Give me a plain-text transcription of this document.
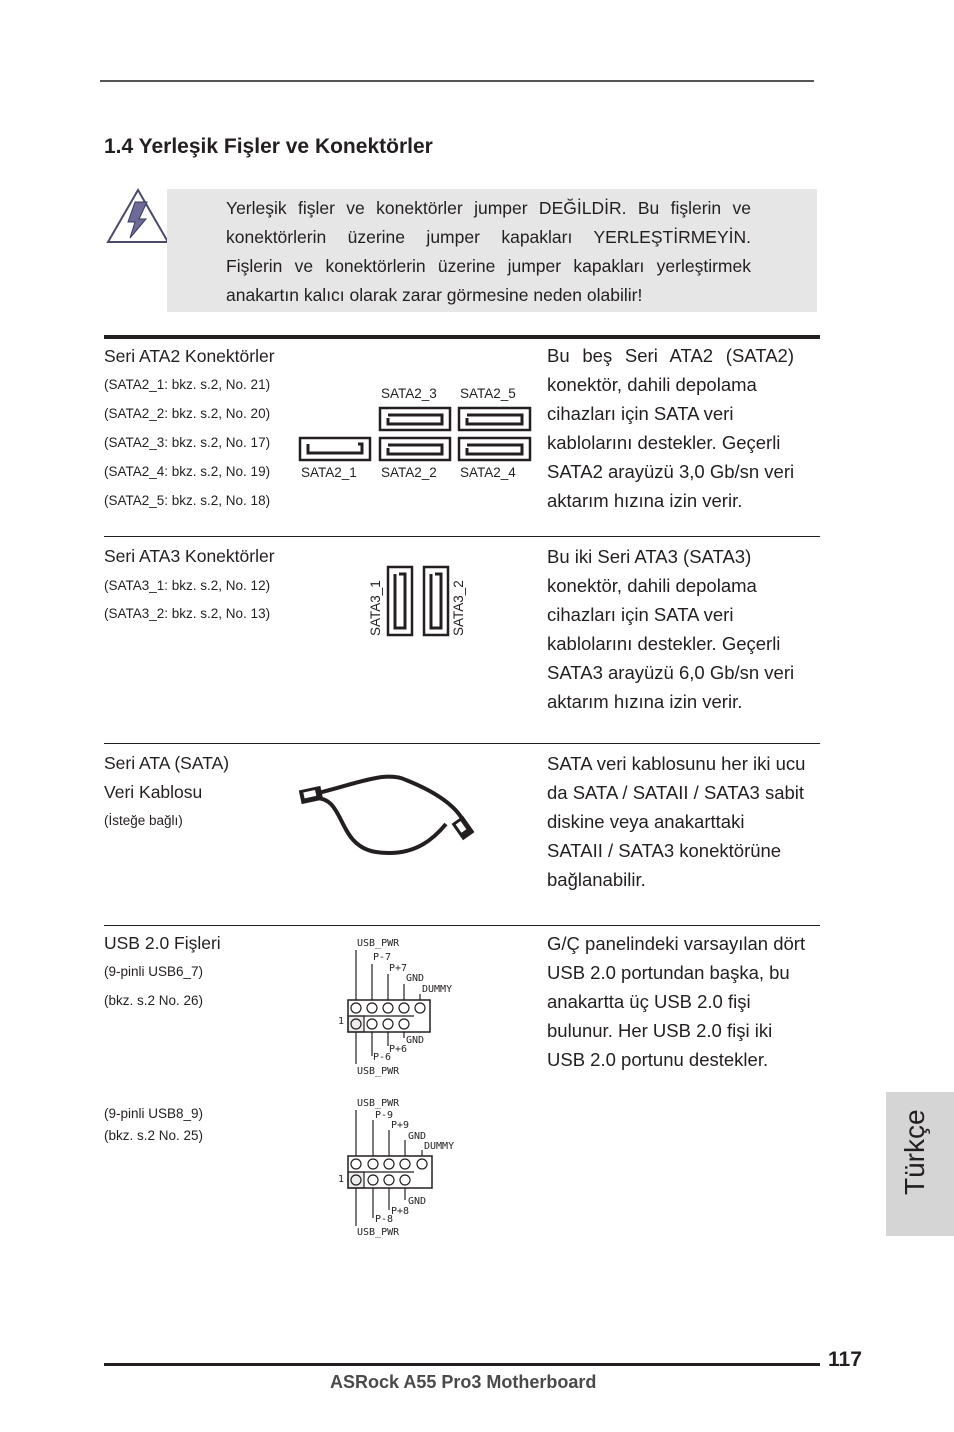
1.4 Yerleşik Fişler ve Konektörler
Yerleşik fişler ve konektörler jumper DEĞİLDİR. Bu fişlerin ve
konektörlerin üzerine jumper kapakları YERLEŞTİRMEYİN.
Fişlerin ve konektörlerin üzerine jumper kapakları yerleştirmek
anakartın kalıcı olarak zarar görmesine neden olabilir!
Seri ATA2 Konektörler
(SATA2_1: bkz. s.2, No. 21)
(SATA2_2: bkz. s.2, No. 20)
(SATA2_3: bkz. s.2, No. 17)
(SATA2_4: bkz. s.2, No. 19)
(SATA2_5: bkz. s.2, No. 18)
SATA2_3 SATA2_5
SATA2_1 SATA2_2 SATA2_4
Bu beş Seri ATA2 (SATA2)
konektör, dahili depolama
cihazları için SATA veri
kablolarını destekler. Geçerli
SATA2 arayüzü 3,0 Gb/sn veri
aktarım hızına izin verir.
Seri ATA3 Konektörler
(SATA3_1: bkz. s.2, No. 12)
(SATA3_2: bkz. s.2, No. 13)	SATA3_1	SATA3_2
Bu iki Seri ATA3 (SATA3)
konektör, dahili depolama
cihazları için SATA veri
kablolarını destekler. Geçerli
SATA3 arayüzü 6,0 Gb/sn veri
aktarım hızına izin verir.
Seri ATA (SATA)
Veri Kablosu
(İsteğe bağlı)
SATA veri kablosunu her iki ucu
da SATA / SATAII / SATA3 sabit
diskine veya anakarttaki
SATAII / SATA3 konektörüne
bağlanabilir.
USB 2.0 Fişleri
(9-pinli USB6_7)
(bkz. s.2 No. 26)
(9-pinli USB8_9)
(bkz. s.2 No. 25)
G/Ç panelindeki varsayılan dört
USB 2.0 portundan başka, bu
anakartta üç USB 2.0 fişi
bulunur. Her USB 2.0 fişi iki
USB 2.0 portunu destekler.
USB_PWR
P-7
P+7
GND
DUMMY
1
GND
P+6
P-6
USB_PWR
USB_PWR
P-9
P+9
GND
DUMMY
1
GND
P+8
P-8
USB_PWR
Türkçe
117
ASRock A55 Pro3 Motherboard
